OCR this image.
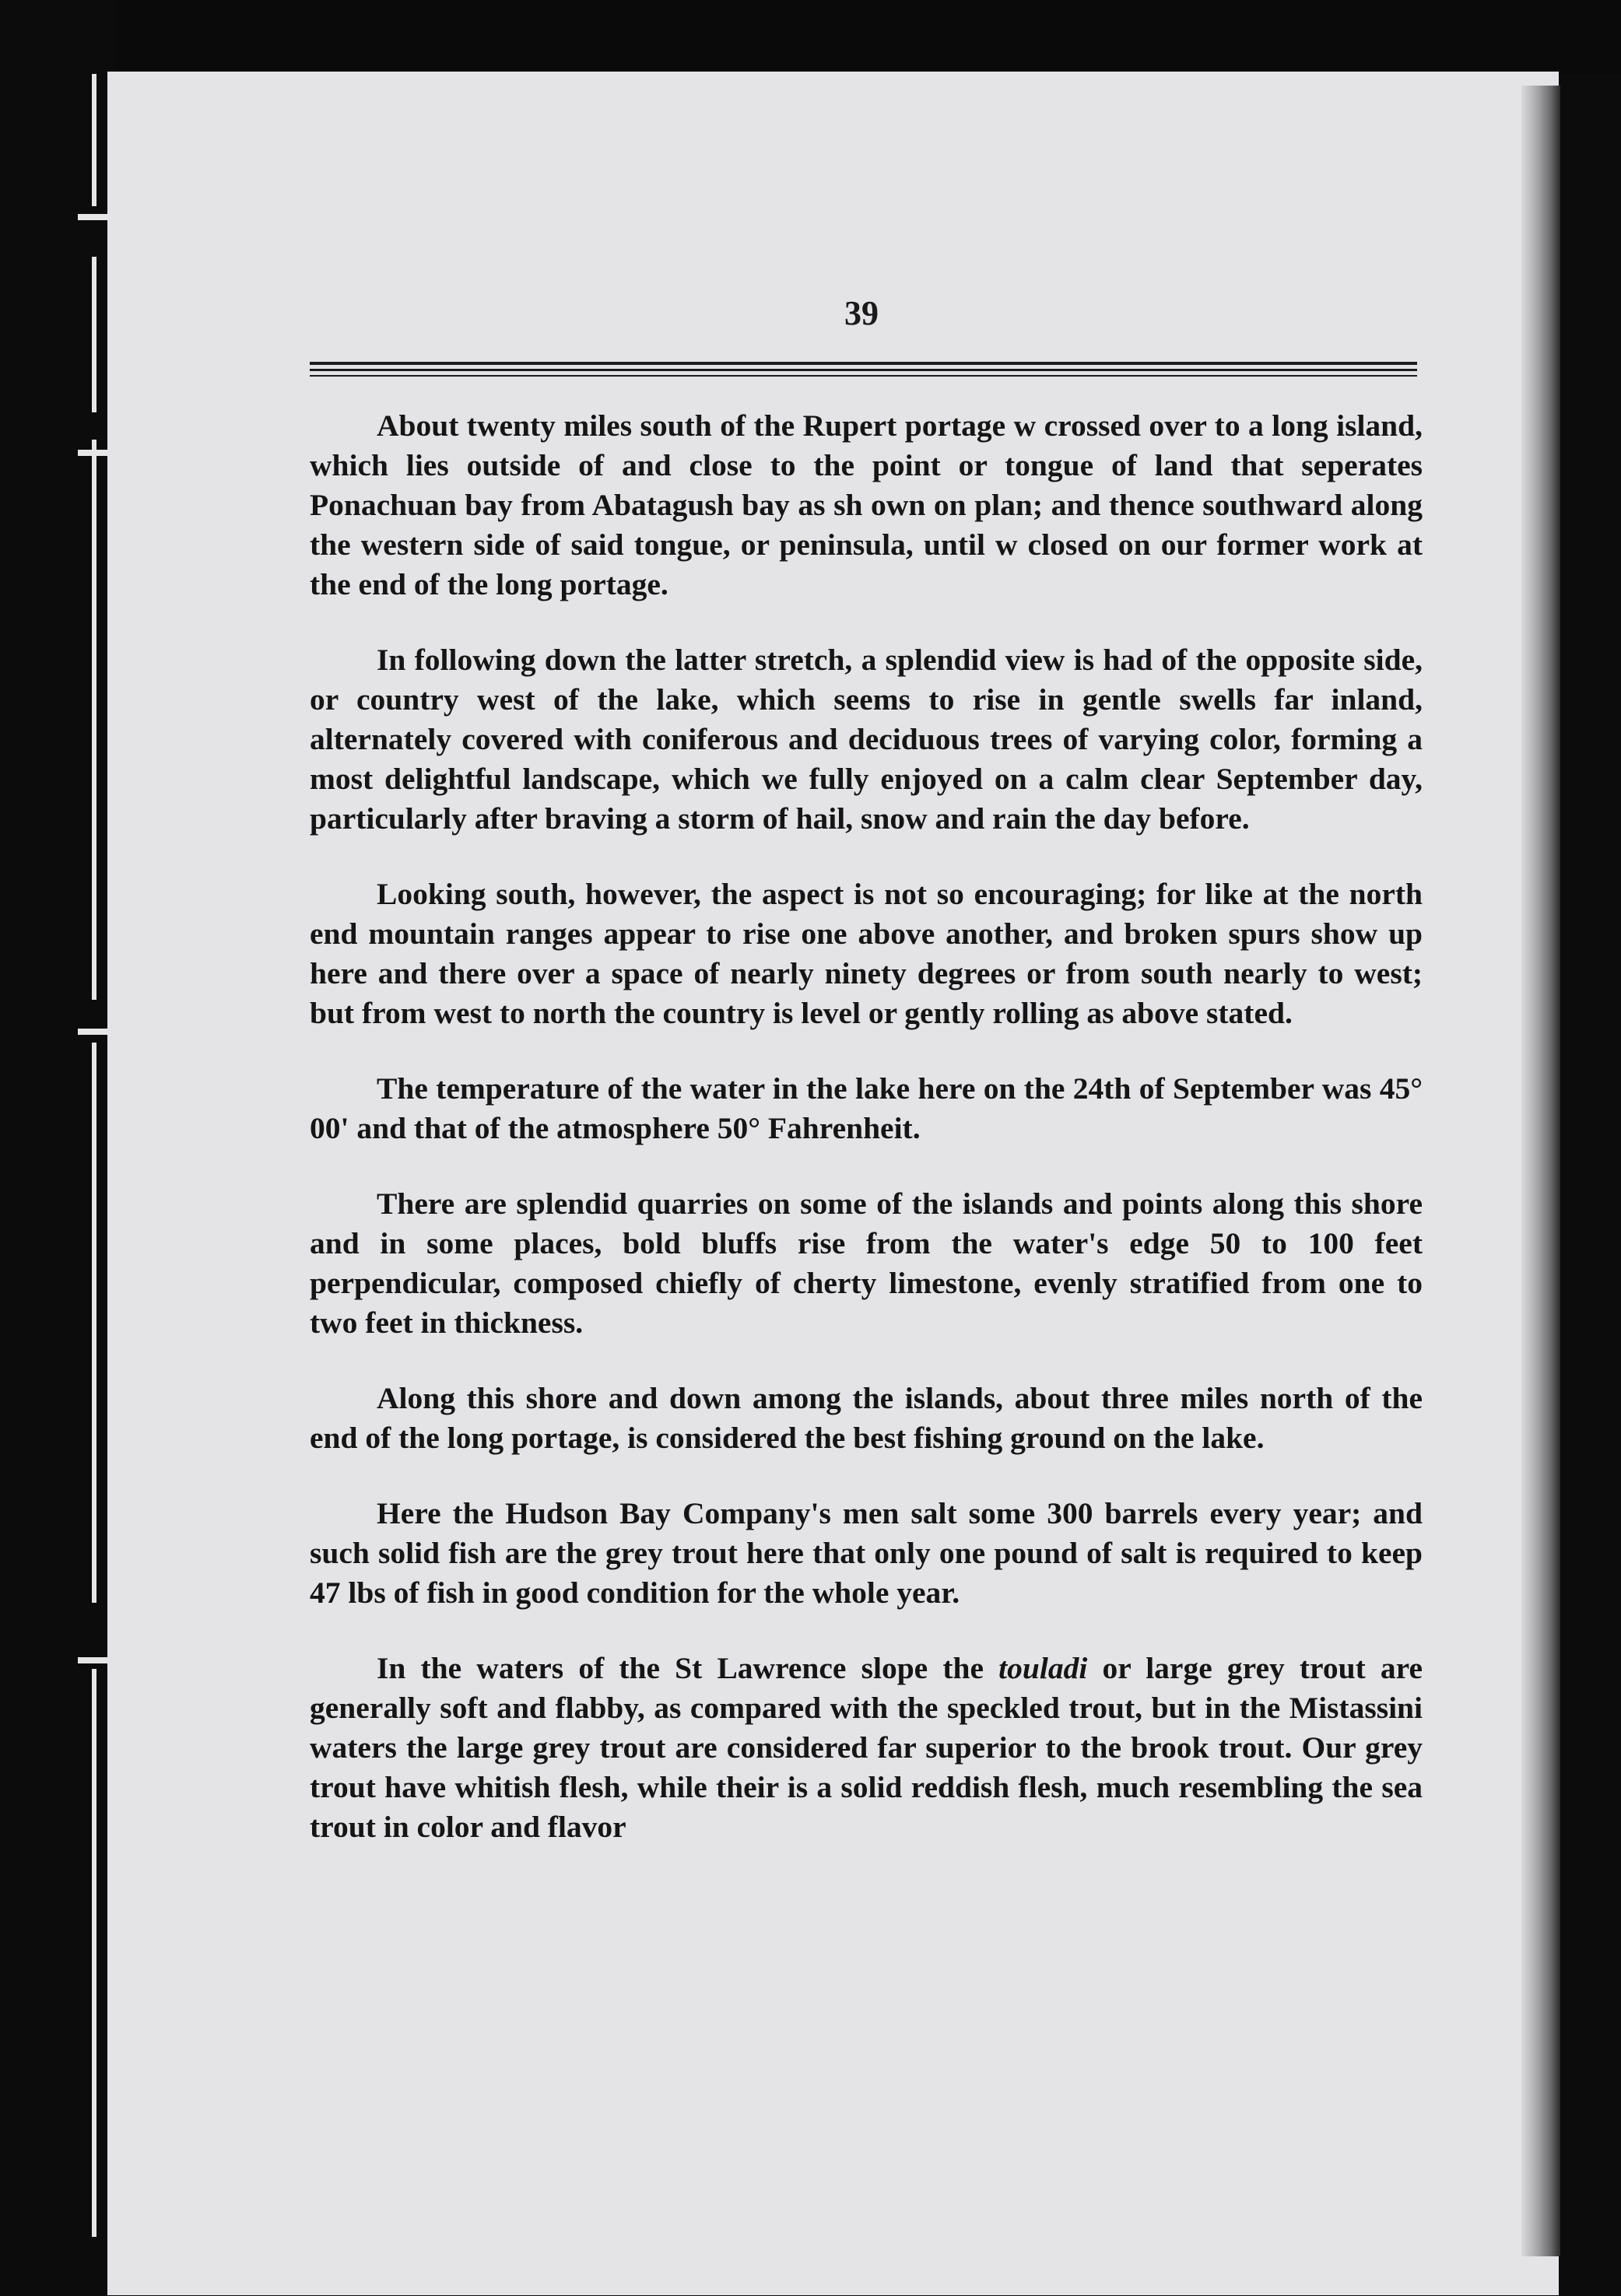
39

About twenty miles south of the Rupert portage w crossed over to a long island, which lies outside of and close to the point or tongue of land that seperates Ponachuan bay from Abatagush bay as sh own on plan; and thence southward along the western side of said tongue, or peninsula, until w closed on our former work at the end of the long portage.

In following down the latter stretch, a splendid view is had of the opposite side, or country west of the lake, which seems to rise in gentle swells far inland, alternately covered with coniferous and deciduous trees of varying color, forming a most delightful landscape, which we fully enjoyed on a calm clear September day, particularly after braving a storm of hail, snow and rain the day before.

Looking south, however, the aspect is not so encouraging; for like at the north end mountain ranges appear to rise one above another, and broken spurs show up here and there over a space of nearly ninety degrees or from south nearly to west; but from west to north the country is level or gently rolling as above stated.

The temperature of the water in the lake here on the 24th of September was 45° 00' and that of the atmosphere 50° Fahrenheit.

There are splendid quarries on some of the islands and points along this shore and in some places, bold bluffs rise from the water's edge 50 to 100 feet perpendicular, composed chiefly of cherty limestone, evenly stratified from one to two feet in thickness.

Along this shore and down among the islands, about three miles north of the end of the long portage, is considered the best fishing ground on the lake.

Here the Hudson Bay Company's men salt some 300 barrels every year; and such solid fish are the grey trout here that only one pound of salt is required to keep 47 lbs of fish in good condition for the whole year.

In the waters of the St Lawrence slope the touladi or large grey trout are generally soft and flabby, as compared with the speckled trout, but in the Mistassini waters the large grey trout are considered far superior to the brook trout. Our grey trout have whitish flesh, while their is a solid reddish flesh, much resembling the sea trout in color and flavor
